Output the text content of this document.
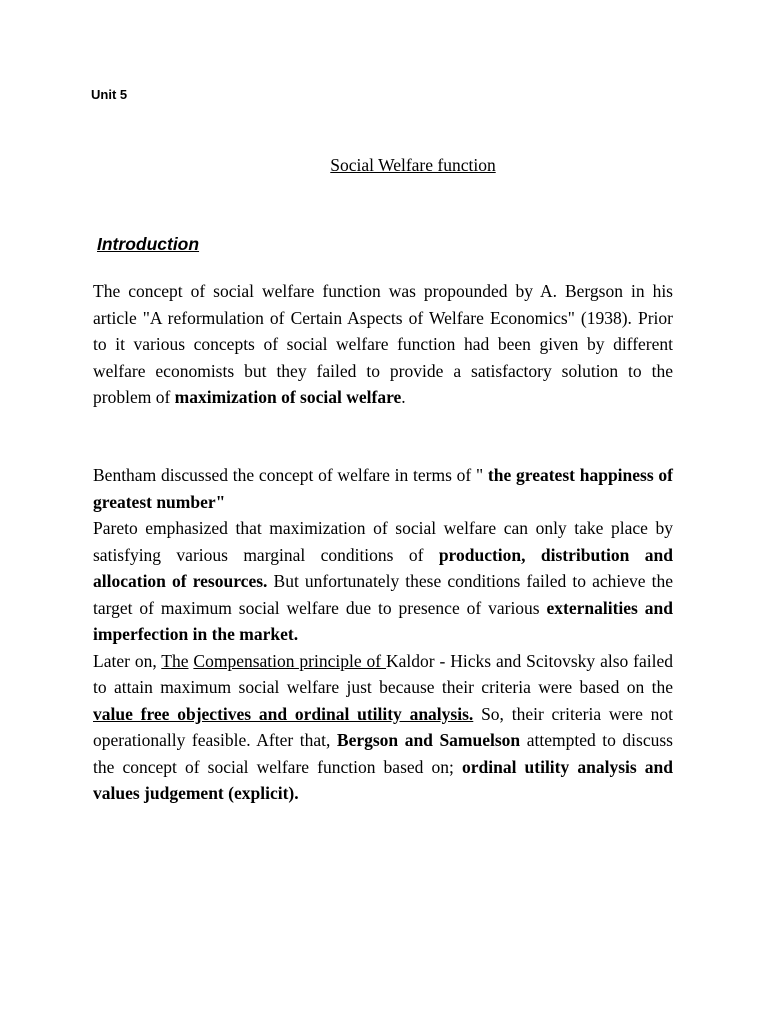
Unit 5
Social Welfare function
Introduction

The concept of social welfare function was propounded by A. Bergson in his article "A reformulation of Certain Aspects of Welfare Economics" (1938). Prior to it various concepts of social welfare function had been given by different welfare economists but they failed to provide a satisfactory solution to the problem of maximization of social welfare.

Bentham discussed the concept of welfare in terms of " the greatest happiness of greatest number"
Pareto emphasized that maximization of social welfare can only take place by satisfying various marginal conditions of production, distribution and allocation of resources. But unfortunately these conditions failed to achieve the target of maximum social welfare due to presence of various externalities and imperfection in the market.
Later on, The Compensation principle of Kaldor - Hicks and Scitovsky also failed to attain maximum social welfare just because their criteria were based on the value free objectives and ordinal utility analysis. So, their criteria were not operationally feasible. After that, Bergson and Samuelson attempted to discuss the concept of social welfare function based on; ordinal utility analysis and values judgement (explicit).
